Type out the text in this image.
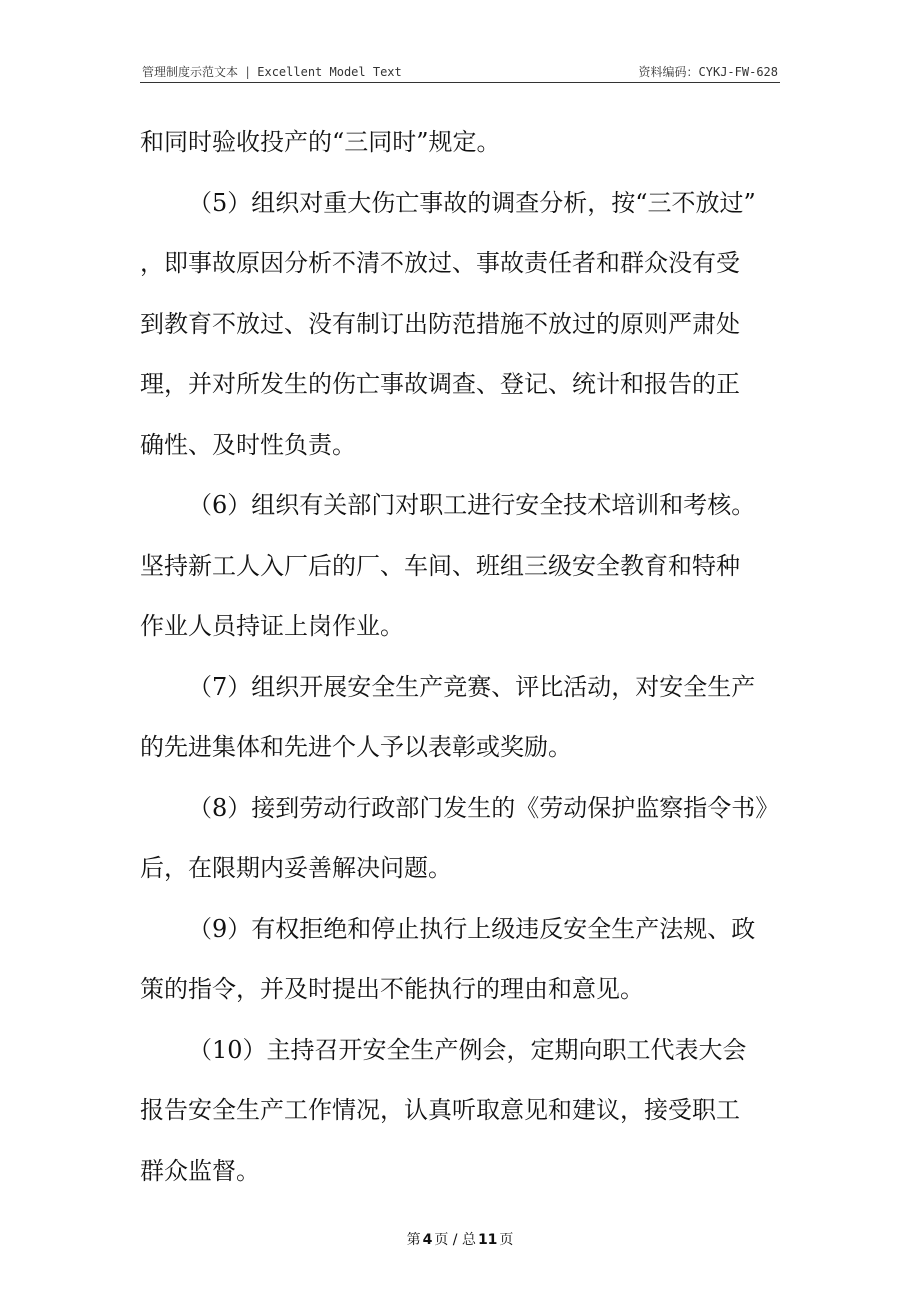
管理制度示范文本 | Excellent Model Text	资料编码：CYKJ-FW-628
和同时验收投产的“三同时”规定。
（5）组织对重大伤亡事故的调查分析，按“三不放过”
，即事故原因分析不清不放过、事故责任者和群众没有受
到教育不放过、没有制订出防范措施不放过的原则严肃处
理，并对所发生的伤亡事故调查、登记、统计和报告的正
确性、及时性负责。
（6）组织有关部门对职工进行安全技术培训和考核。
坚持新工人入厂后的厂、车间、班组三级安全教育和特种
作业人员持证上岗作业。
（7）组织开展安全生产竞赛、评比活动，对安全生产
的先进集体和先进个人予以表彰或奖励。
（8）接到劳动行政部门发生的《劳动保护监察指令书》
后，在限期内妥善解决问题。
（9）有权拒绝和停止执行上级违反安全生产法规、政
策的指令，并及时提出不能执行的理由和意见。
（10）主持召开安全生产例会，定期向职工代表大会
报告安全生产工作情况，认真听取意见和建议，接受职工
群众监督。
第 4 页 / 总 11 页
